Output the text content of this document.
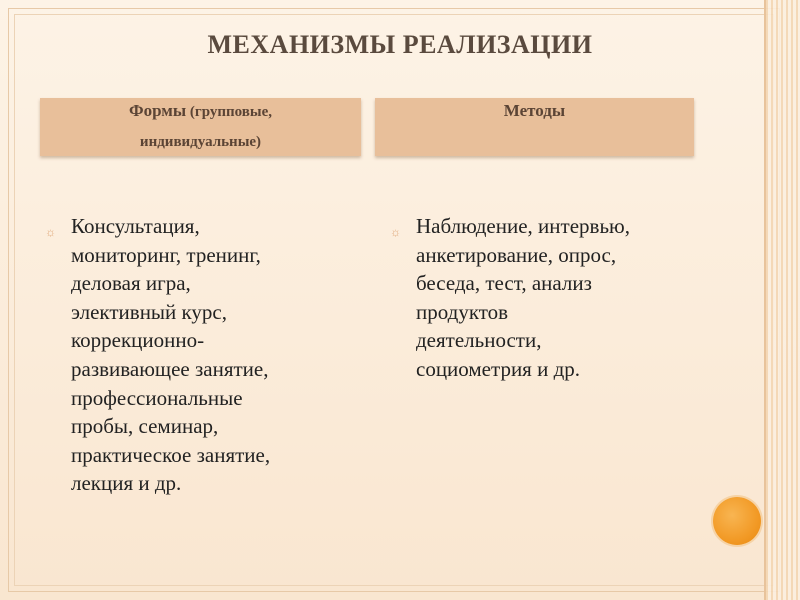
МЕХАНИЗМЫ РЕАЛИЗАЦИИ
Формы (групповые,
индивидуальные)
Методы
☼ Консультация,
мониторинг, тренинг,
деловая игра,
элективный курс,
коррекционно-
развивающее занятие,
профессиональные
пробы, семинар,
практическое занятие,
лекция и др.
☼ Наблюдение, интервью,
анкетирование, опрос,
беседа, тест, анализ
продуктов
деятельности,
социометрия и др.
